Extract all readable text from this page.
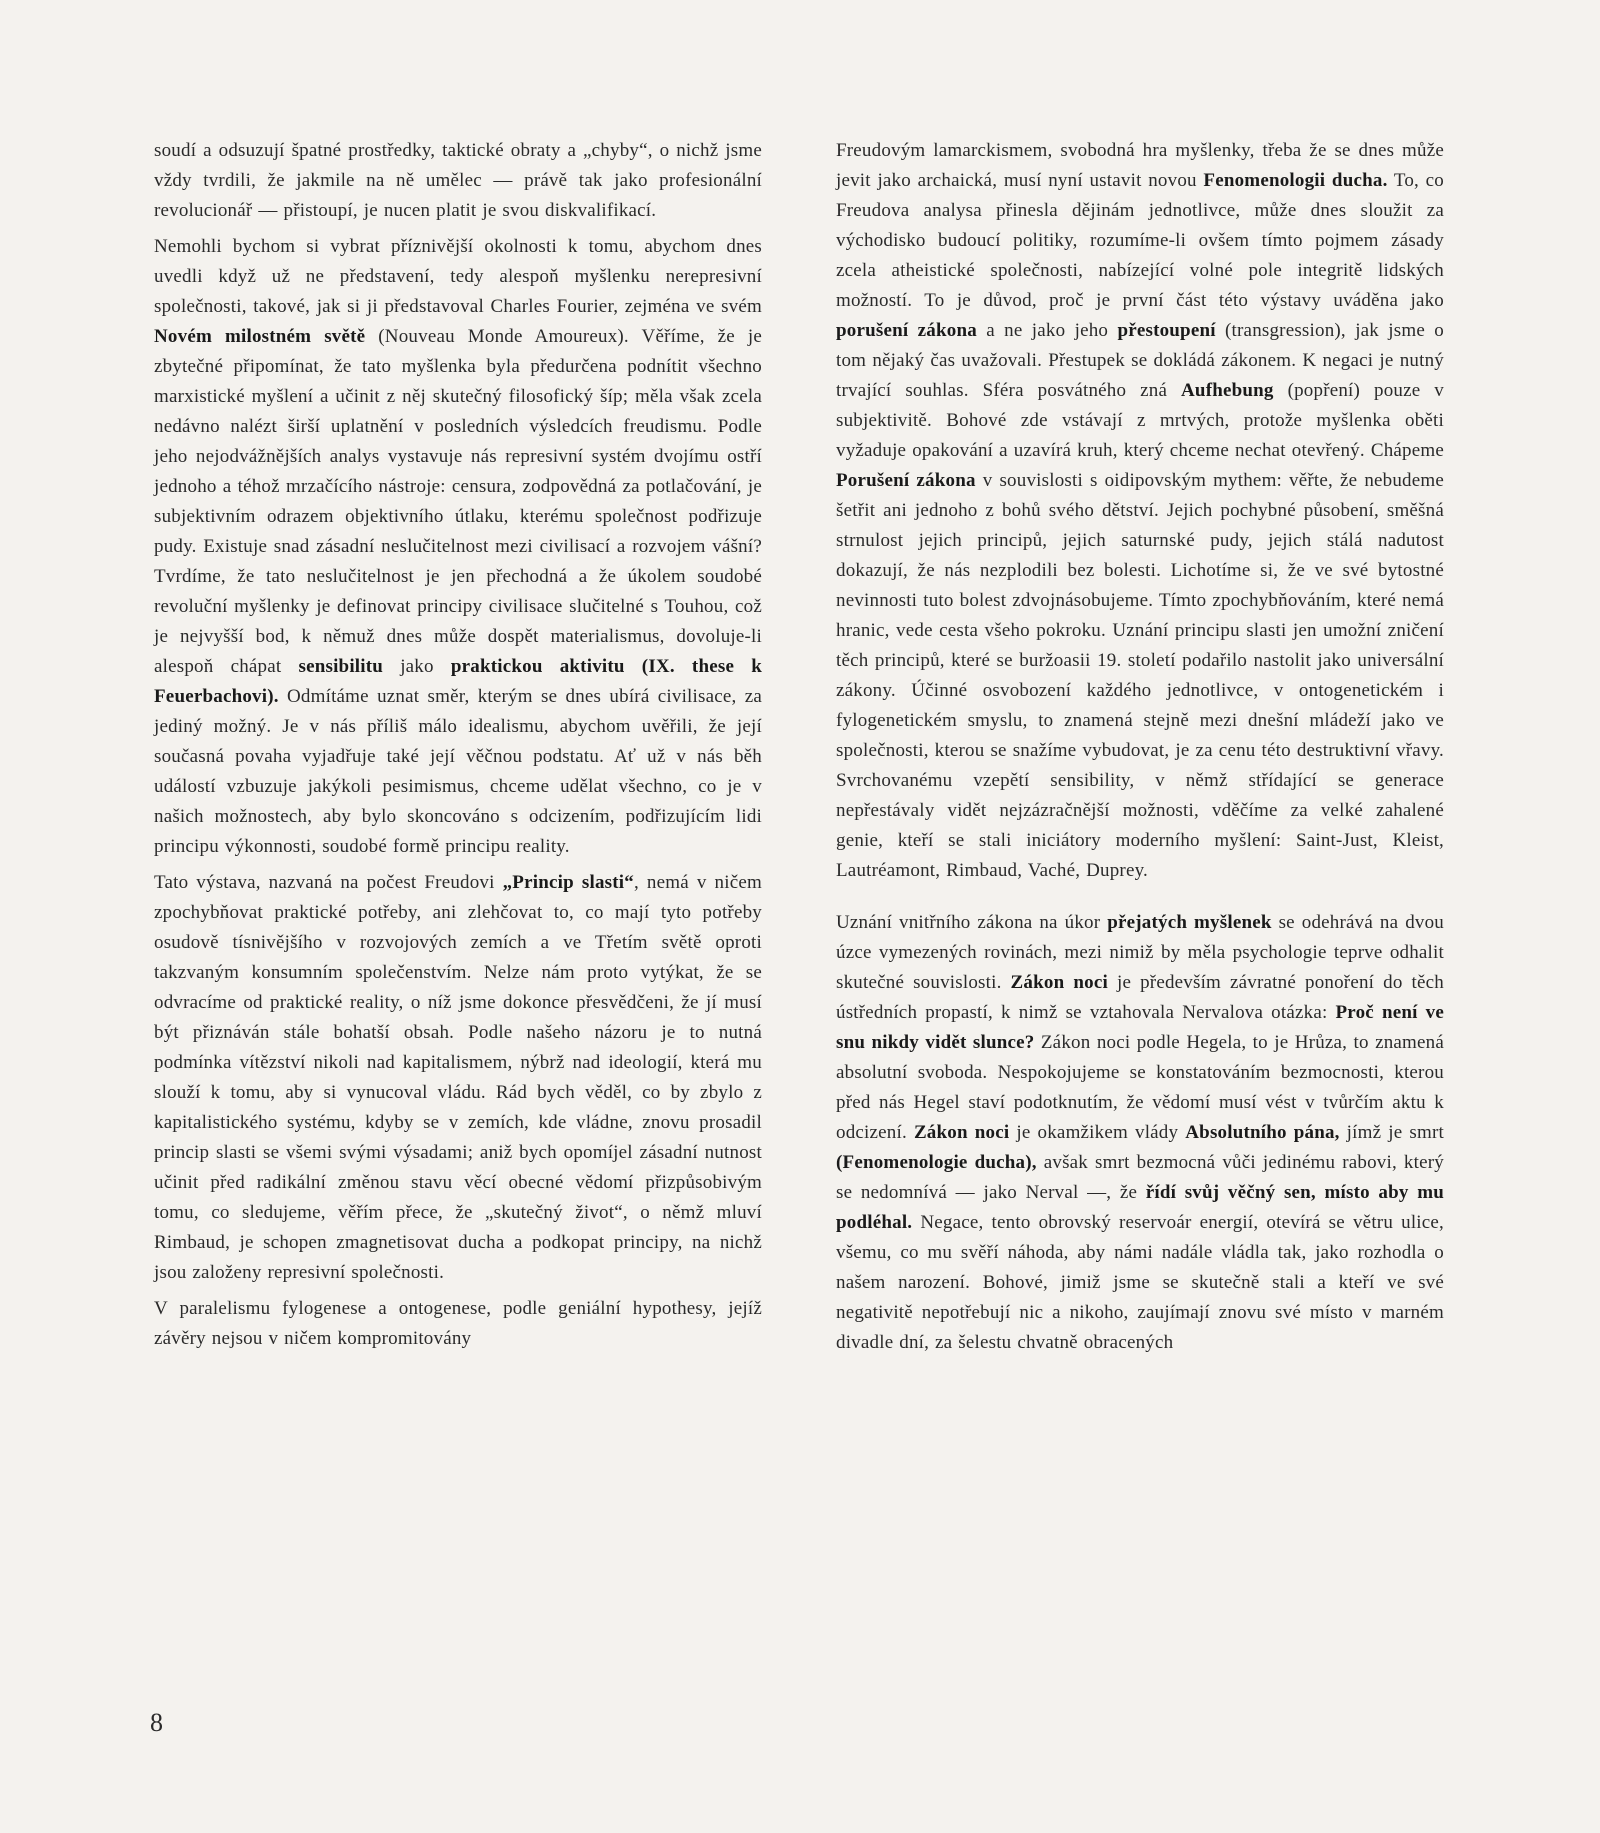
soudí a odsuzují špatné prostředky, taktické obraty a „chyby“, o nichž jsme vždy tvrdili, že jakmile na ně umělec — právě tak jako profesionální revolucionář — přistoupí, je nucen platit je svou diskvalifikací.

Nemohli bychom si vybrat příznivější okolnosti k tomu, abychom dnes uvedli když už ne představení, tedy alespoň myšlenku nerepresivní společnosti, takové, jak si ji představoval Charles Fourier, zejména ve svém Novém milostném světě (Nouveau Monde Amoureux). Věříme, že je zbytečné připomínat, že tato myšlenka byla předurčena podnítit všechno marxistické myšlení a učinit z něj skutečný filosofický šíp; měla však zcela nedávno nalézt širší uplatnění v posledních výsledcích freudismu. Podle jeho nejodvážnějších analys vystavuje nás represivní systém dvojímu ostří jednoho a téhož mrzačícího nástroje: censura, zodpovědná za potlačování, je subjektivním odrazem objektivního útlaku, kterému společnost podřizuje pudy. Existuje snad zásadní neslučitelnost mezi civilisací a rozvojem vášní? Tvrdíme, že tato neslučitelnost je jen přechodná a že úkolem soudobé revoluční myšlenky je definovat principy civilisace slučitelné s Touhou, což je nejvyšší bod, k němuž dnes může dospět materialismus, dovoluje-li alespoň chápat sensibilitu jako praktickou aktivitu (IX. these k Feuerbachovi). Odmítáme uznat směr, kterým se dnes ubírá civilisace, za jediný možný. Je v nás příliš málo idealismu, abychom uvěřili, že její současná povaha vyjadřuje také její věčnou podstatu. Ať už v nás běh událostí vzbuzuje jakýkoli pesimismus, chceme udělat všechno, co je v našich možnostech, aby bylo skoncováno s odcizením, podřizujícím lidi principu výkonnosti, soudobé formě principu reality.

Tato výstava, nazvaná na počest Freudovi „Princip slasti“, nemá v ničem zpochybňovat praktické potřeby, ani zlehčovat to, co mají tyto potřeby osudově tísnivějšího v rozvojových zemích a ve Třetím světě oproti takzvaným konsumním společenstvím. Nelze nám proto vytýkat, že se odvracíme od praktické reality, o níž jsme dokonce přesvědčeni, že jí musí být přiznáván stále bohatší obsah. Podle našeho názoru je to nutná podmínka vítězství nikoli nad kapitalismem, nýbrž nad ideologií, která mu slouží k tomu, aby si vynucoval vládu. Rád bych věděl, co by zbylo z kapitalistického systému, kdyby se v zemích, kde vládne, znovu prosadil princip slasti se všemi svými výsadami; aniž bych opomíjel zásadní nutnost učinit před radikální změnou stavu věcí obecné vědomí přizpůsobivým tomu, co sledujeme, věřím přece, že „skutečný život“, o němž mluví Rimbaud, je schopen zmagnetisovat ducha a podkopat principy, na nichž jsou založeny represivní společnosti.

V paralelismu fylogenese a ontogenese, podle geniální hypothesy, jejíž závěry nejsou v ničem kompromitovány

Freudovým lamarckismem, svobodná hra myšlenky, třeba že se dnes může jevit jako archaická, musí nyní ustavit novou Fenomenologii ducha. To, co Freudova analysa přinesla dějinám jednotlivce, může dnes sloužit za východisko budoucí politiky, rozumíme-li ovšem tímto pojmem zásady zcela atheistické společnosti, nabízející volné pole integritě lidských možností. To je důvod, proč je první část této výstavy uváděna jako porušení zákona a ne jako jeho přestoupení (transgression), jak jsme o tom nějaký čas uvažovali. Přestupek se dokládá zákonem. K negaci je nutný trvající souhlas. Sféra posvátného zná Aufhebung (popření) pouze v subjektivitě. Bohové zde vstávají z mrtvých, protože myšlenka oběti vyžaduje opakování a uzavírá kruh, který chceme nechat otevřený. Chápeme Porušení zákona v souvislosti s oidipovským mythem: věřte, že nebudeme šetřit ani jednoho z bohů svého dětství. Jejich pochybné působení, směšná strnulost jejich principů, jejich saturnské pudy, jejich stálá nadutost dokazují, že nás nezplodili bez bolesti. Lichotíme si, že ve své bytostné nevinnosti tuto bolest zdvojnásobujeme. Tímto zpochybňováním, které nemá hranic, vede cesta všeho pokroku. Uznání principu slasti jen umožní zničení těch principů, které se buržoasii 19. století podařilo nastolit jako universální zákony. Účinné osvobození každého jednotlivce, v ontogenetickém i fylogenetickém smyslu, to znamená stejně mezi dnešní mládeží jako ve společnosti, kterou se snažíme vybudovat, je za cenu této destruktivní vřavy. Svrchovanému vzepětí sensibility, v němž střídající se generace nepřestávaly vidět nejzázračnější možnosti, vděčíme za velké zahalené genie, kteří se stali iniciátory moderního myšlení: Saint-Just, Kleist, Lautréamont, Rimbaud, Vaché, Duprey.

Uznání vnitřního zákona na úkor přejatých myšlenek se odehrává na dvou úzce vymezených rovinách, mezi nimiž by měla psychologie teprve odhalit skutečné souvislosti. Zákon noci je především závratné ponoření do těch ústředních propastí, k nimž se vztahovala Nervalova otázka: Proč není ve snu nikdy vidět slunce? Zákon noci podle Hegela, to je Hrůza, to znamená absolutní svoboda. Nespokojujeme se konstatováním bezmocnosti, kterou před nás Hegel staví podotknutím, že vědomí musí vést v tvůrčím aktu k odcizení. Zákon noci je okamžikem vlády Absolutního pána, jímž je smrt (Fenomenologie ducha), avšak smrt bezmocná vůči jedinému rabovi, který se nedomnívá — jako Nerval —, že řídí svůj věčný sen, místo aby mu podléhal. Negace, tento obrovský reservoár energií, otevírá se větru ulice, všemu, co mu svěří náhoda, aby námi nadále vládla tak, jako rozhodla o našem narození. Bohové, jimiž jsme se skutečně stali a kteří ve své negativitě nepotřebují nic a nikoho, zaujímají znovu své místo v marném divadle dní, za šelestu chvatně obracených

8
